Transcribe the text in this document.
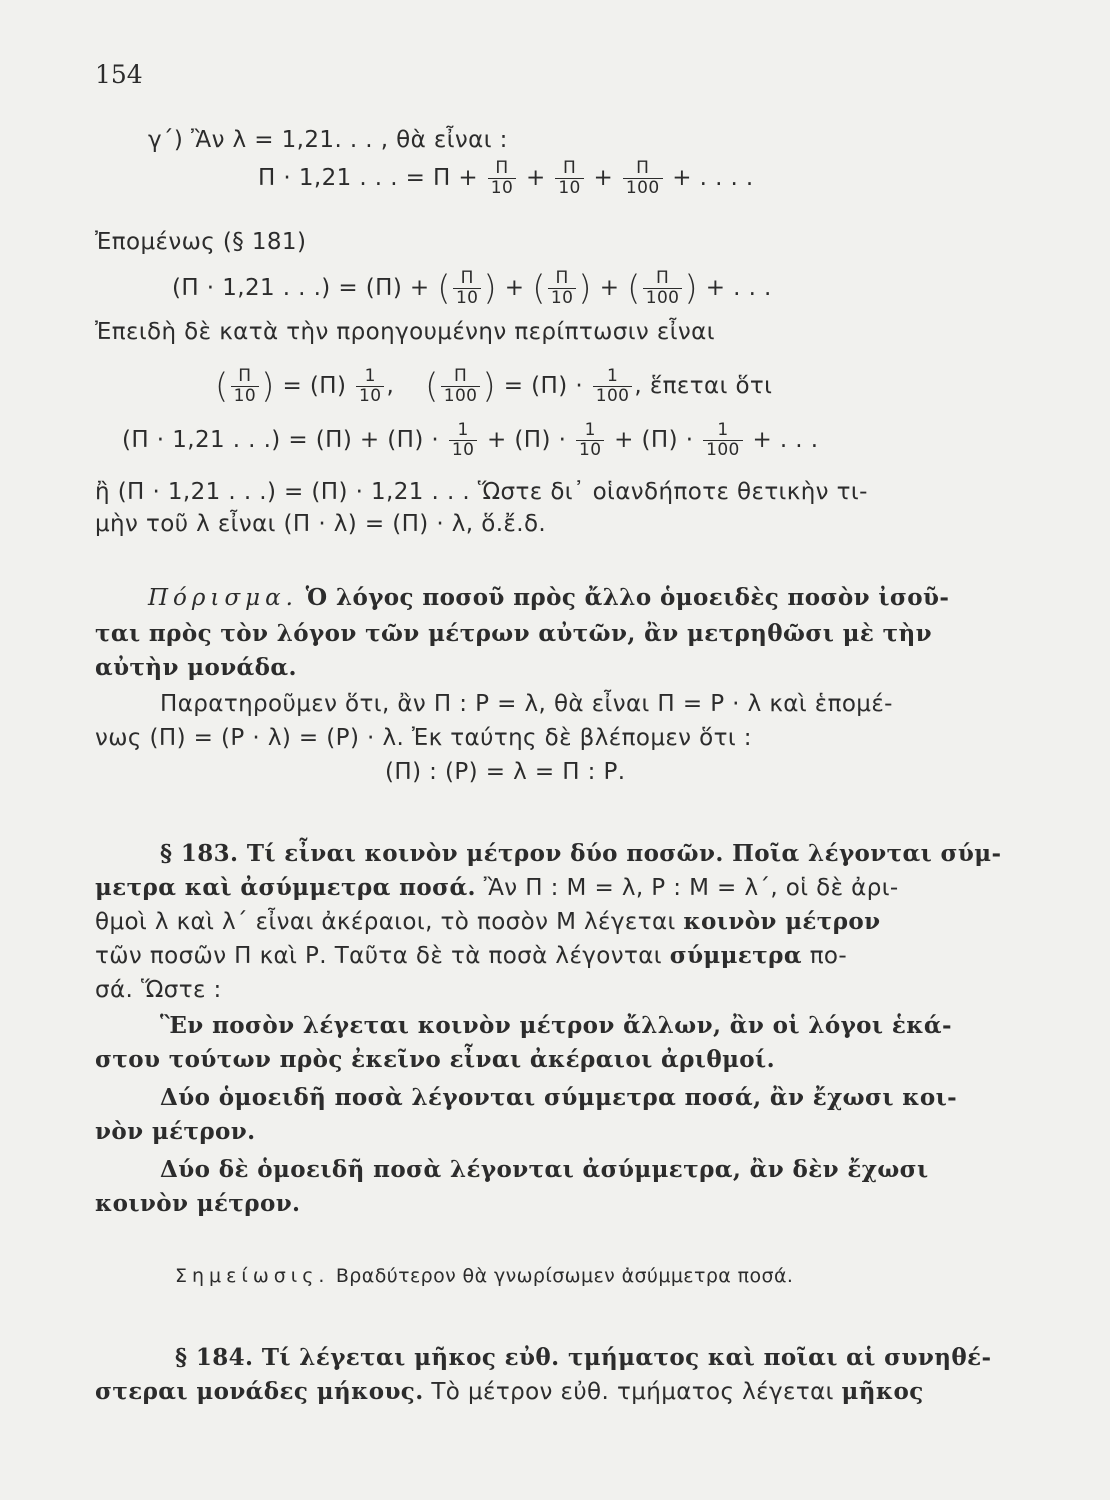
154
γ΄) Ἂν λ = 1,21. . . , θὰ εἶναι :
Π · 1,21 . . . = $\Pi + \frac{\Pi}{10} + \frac{\Pi}{10} + \frac{\Pi}{100}$ + . . . .
Ἐπομένως (§ 181)
(Π · 1,21 . . .) = (Π) + ( $\frac{\Pi}{10}$ ) + ( $\frac{\Pi}{10}$ ) + ( $\frac{\Pi}{100}$ ) + . . .
Ἐπειδὴ δὲ κατὰ τὴν προηγουμένην περίπτωσιν εἶναι
( $\frac{\Pi}{10}$ ) = $(\Pi) \frac{1}{10}$ , ( $\frac{\Pi}{100}$ ) = $(\Pi) \cdot \frac{1}{100}$ , ἕπεται ὅτι
(Π · 1,21 . . .) = $(\Pi) + (\Pi) \cdot \frac{1}{10} + (\Pi) \cdot \frac{1}{10} + (\Pi) \cdot \frac{1}{100}$ + . . .
ἢ (Π · 1,21 . . .) = (Π) · 1,21 . . . Ὥστε δι᾽ οἱανδήποτε θετικὴν τι-
μὴν τοῦ λ εἶναι (Π · λ) = (Π) · λ, ὅ.ἔ.δ.
Πόρισμα. Ὁ λόγος ποσοῦ πρὸς ἄλλο ὁμοειδὲς ποσὸν ἰσοῦ-
ται πρὸς τὸν λόγον τῶν μέτρων αὐτῶν, ἂν μετρηθῶσι μὲ τὴν
αὐτὴν μονάδα.
Παρατηροῦμεν ὅτι, ἂν Π : Ρ = λ, θὰ εἶναι Π = Ρ · λ καὶ ἑπομέ-
νως (Π) = (Ρ · λ) = (Ρ) · λ. Ἐκ ταύτης δὲ βλέπομεν ὅτι :
(Π) : (Ρ) = λ = Π : Ρ.
§ 183. Τί εἶναι κοινὸν μέτρον δύο ποσῶν. Ποῖα λέγονται σύμ-
μετρα καὶ ἀσύμμετρα ποσά. Ἂν Π : Μ = λ, Ρ : Μ = λ΄, οἱ δὲ ἀρι-
θμοὶ λ καὶ λ΄ εἶναι ἀκέραιοι, τὸ ποσὸν Μ λέγεται κοινὸν μέτρον
τῶν ποσῶν Π καὶ Ρ. Ταῦτα δὲ τὰ ποσὰ λέγονται σύμμετρα πο-
σά. Ὥστε :
Ἓν ποσὸν λέγεται κοινὸν μέτρον ἄλλων, ἂν οἱ λόγοι ἑκά-
στου τούτων πρὸς ἐκεῖνο εἶναι ἀκέραιοι ἀριθμοί.
Δύο ὁμοειδῆ ποσὰ λέγονται σύμμετρα ποσά, ἂν ἔχωσι κοι-
νὸν μέτρον.
Δύο δὲ ὁμοειδῆ ποσὰ λέγονται ἀσύμμετρα, ἂν δὲν ἔχωσι
κοινὸν μέτρον.
Σημείωσις. Βραδύτερον θὰ γνωρίσωμεν ἀσύμμετρα ποσά.
§ 184. Τί λέγεται μῆκος εὐθ. τμήματος καὶ ποῖαι αἱ συνηθέ-
στεραι μονάδες μήκους. Τὸ μέτρον εὐθ. τμήματος λέγεται μῆκος
